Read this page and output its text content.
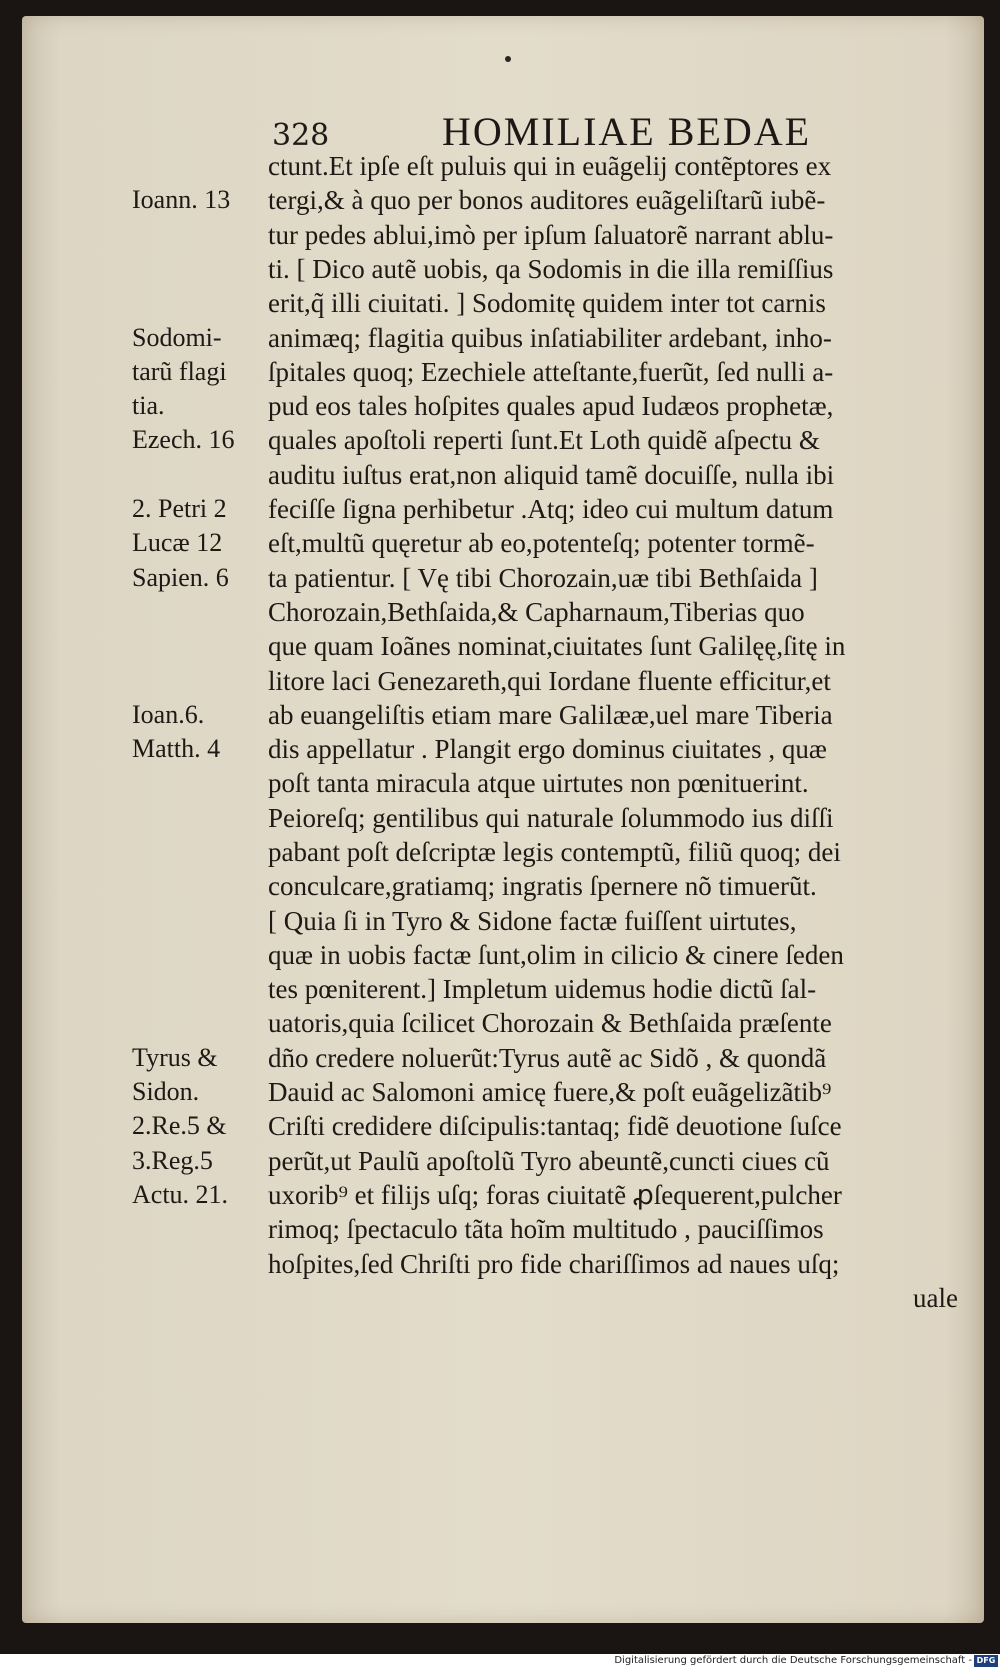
328	HOMILIAE BEDAE
ctunt.Et ipſe eſt puluis qui in euãgelij contẽptores ex
tergi,& à quo per bonos auditores euãgeliſtarũ iubẽ-
tur pedes ablui,imò per ipſum ſaluatorẽ narrant ablu-
ti. [ Dico autẽ uobis, qa Sodomis in die illa remiſſius
erit,q̃ illi ciuitati. ] Sodomitę quidem inter tot carnis
animæq; flagitia quibus inſatiabiliter ardebant, inho-
ſpitales quoq; Ezechiele atteſtante,fuerũt, ſed nulli a-
pud eos tales hoſpites quales apud Iudæos prophetæ,
quales apoſtoli reperti ſunt.Et Loth quidẽ aſpectu &
auditu iuſtus erat,non aliquid tamẽ docuiſſe, nulla ibi
feciſſe ſigna perhibetur .Atq; ideo cui multum datum
eſt,multũ quęretur ab eo,potenteſq; potenter tormẽ-
ta patientur. [ Vę tibi Chorozain,uæ tibi Bethſaida ]
Chorozain,Bethſaida,& Capharnaum,Tiberias quo
que quam Ioãnes nominat,ciuitates ſunt Galilęę,ſitę in
litore laci Genezareth,qui Iordane fluente efficitur,et
ab euangeliſtis etiam mare Galilææ,uel mare Tiberia
dis appellatur . Plangit ergo dominus ciuitates , quæ
poſt tanta miracula atque uirtutes non pœnituerint.
Peioreſq; gentilibus qui naturale ſolummodo ius diſſi
pabant poſt deſcriptæ legis contemptũ, filiũ quoq; dei
conculcare,gratiamq; ingratis ſpernere nõ timuerũt.
[ Quia ſi in Tyro & Sidone factæ fuiſſent uirtutes,
quæ in uobis factæ ſunt,olim in cilicio & cinere ſeden
tes pœniterent.] Impletum uidemus hodie dictũ ſal-
uatoris,quia ſcilicet Chorozain & Bethſaida præſente
dño credere noluerũt:Tyrus autẽ ac Sidõ , & quondã
Dauid ac Salomoni amicę fuere,& poſt euãgelizãtib⁹
Criſti credidere diſcipulis:tantaq; fidẽ deuotione ſuſce
perũt,ut Paulũ apoſtolũ Tyro abeuntẽ,cuncti ciues cũ
uxorib⁹ et filijs uſq; foras ciuitatẽ ꝓſequerent,pulcher
rimoq; ſpectaculo tãta hoĩm multitudo , pauciſſimos
hoſpites,ſed Chriſti pro fide chariſſimos ad naues uſq;
uale
Ioann. 13
Sodomi-
tarũ flagi
tia.
Ezech. 16
2. Petri 2
Lucæ 12
Sapien. 6
Ioan.6.
Matth. 4
Tyrus &
Sidon.
2.Re.5 &
3.Reg.5
Actu. 21.
Digitalisierung gefördert durch die Deutsche Forschungsgemeinschaft - DFG
